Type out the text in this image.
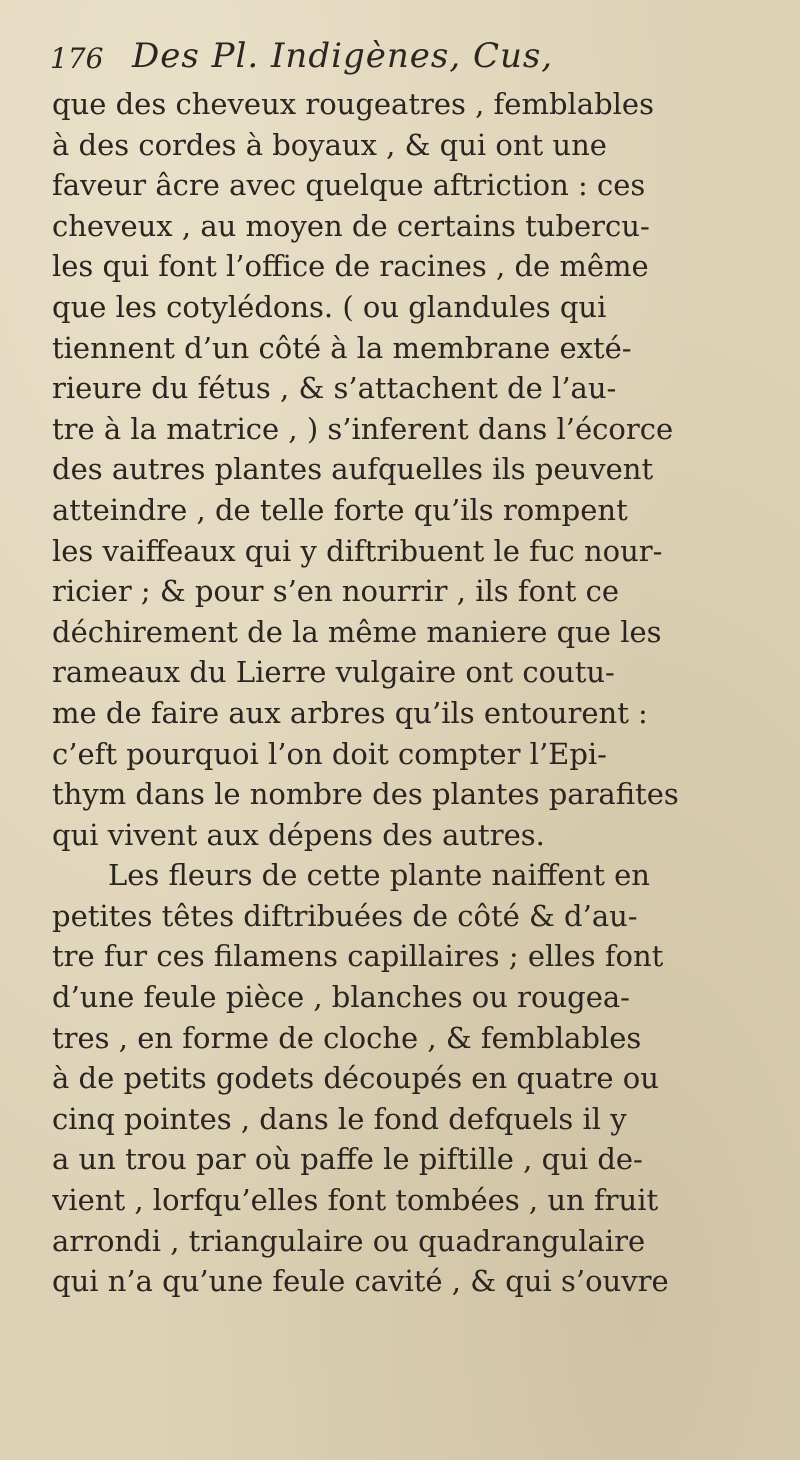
176 Des Pl. Indigènes, Cus,
que des cheveux rougeatres , femblables
à des cordes à boyaux , & qui ont une
faveur âcre avec quelque aftriction : ces
cheveux , au moyen de certains tubercu-
les qui font l’office de racines , de même
que les cotylédons. ( ou glandules qui
tiennent d’un côté à la membrane exté-
rieure du fétus , & s’attachent de l’au-
tre à la matrice , ) s’inferent dans l’écorce
des autres plantes aufquelles ils peuvent
atteindre , de telle forte qu’ils rompent
les vaiffeaux qui y diftribuent le fuc nour-
ricier ; & pour s’en nourrir , ils font ce
déchirement de la même maniere que les
rameaux du Lierre vulgaire ont coutu-
me de faire aux arbres qu’ils entourent :
c’eft pourquoi l’on doit compter l’Epi-
thym dans le nombre des plantes parafites
qui vivent aux dépens des autres.
Les fleurs de cette plante naiffent en
petites têtes diftribuées de côté & d’au-
tre fur ces filamens capillaires ; elles font
d’une feule pièce , blanches ou rougea-
tres , en forme de cloche , & femblables
à de petits godets découpés en quatre ou
cinq pointes , dans le fond defquels il y
a un trou par où paffe le piftille , qui de-
vient , lorfqu’elles font tombées , un fruit
arrondi , triangulaire ou quadrangulaire
qui n’a qu’une feule cavité , & qui s’ouvre
